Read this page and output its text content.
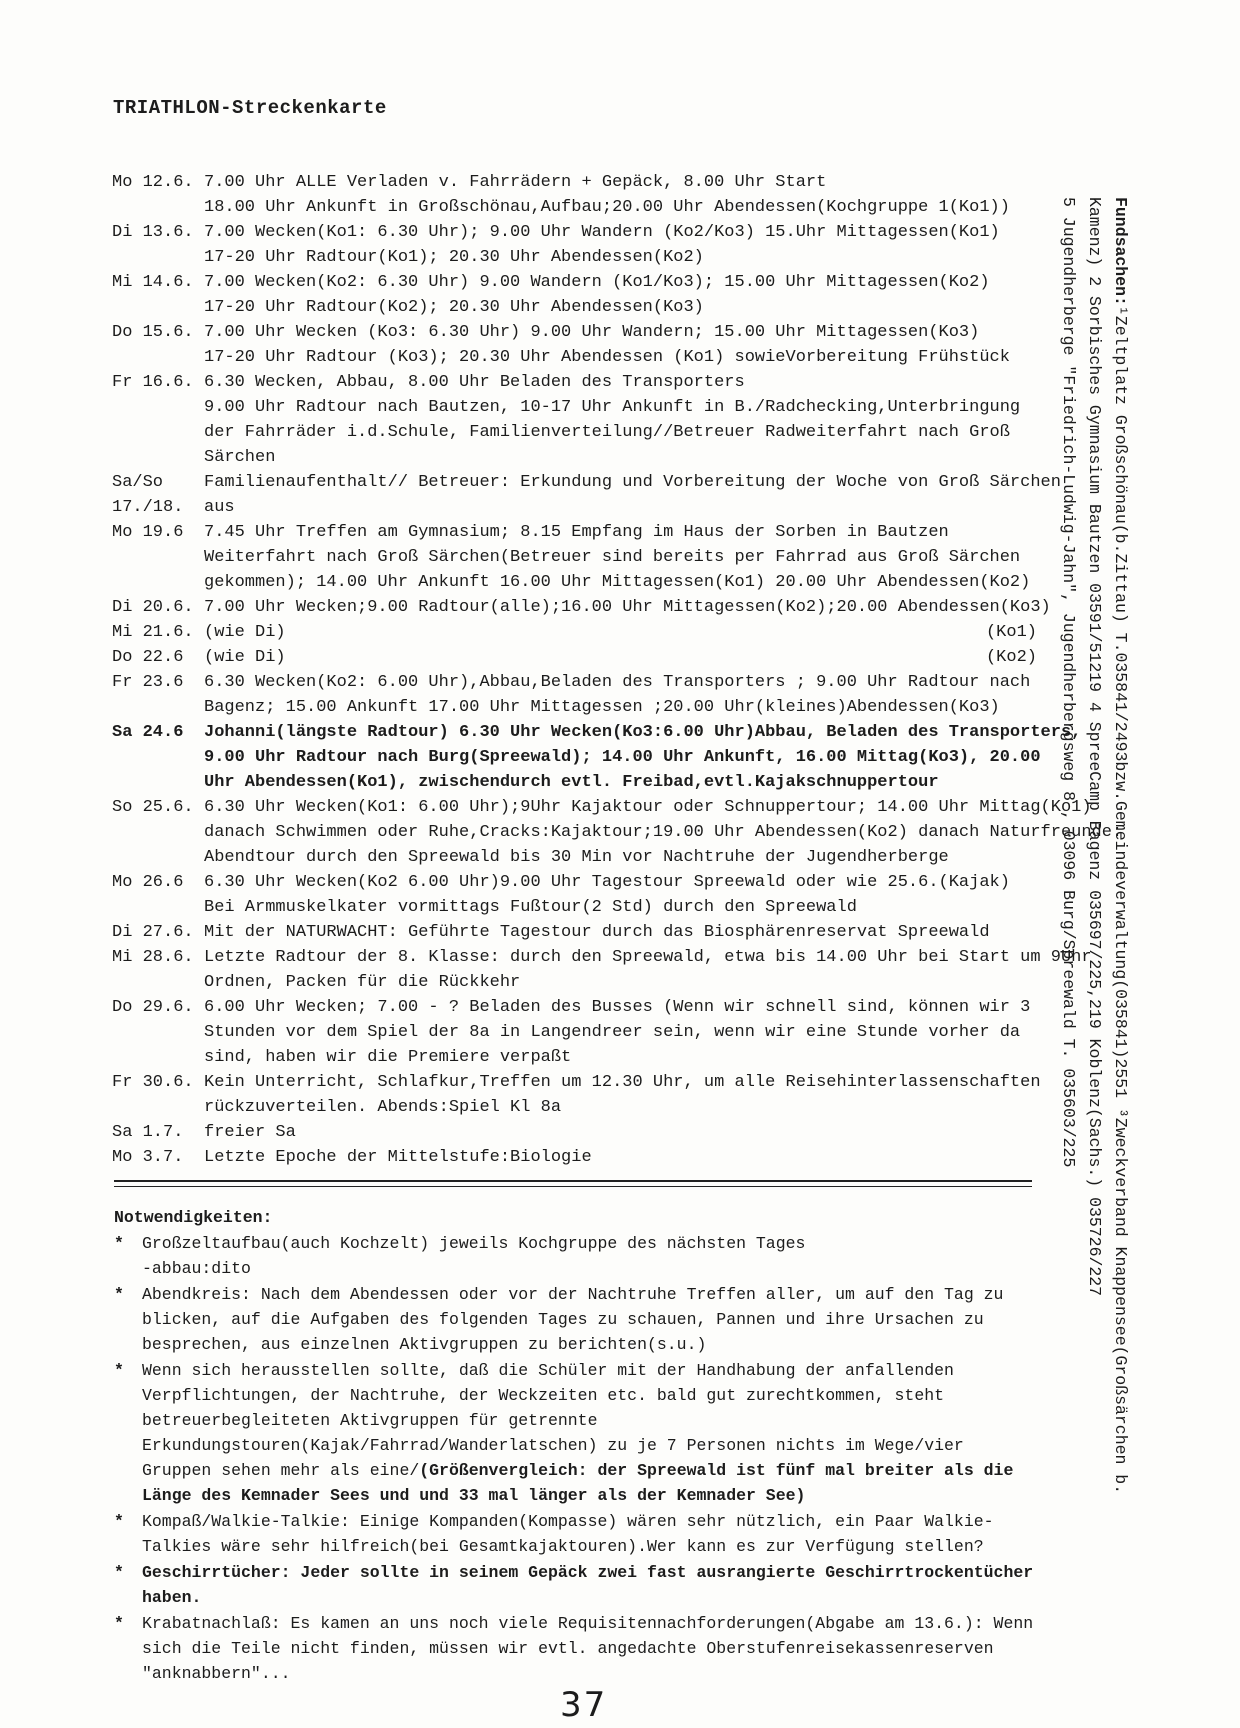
TRIATHLON-Streckenkarte
Mo 12.6. 7.00 Uhr ALLE Verladen v. Fahrrädern + Gepäck, 8.00 Uhr Start
18.00 Uhr Ankunft in Großschönau,Aufbau;20.00 Uhr Abendessen(Kochgruppe 1(Ko1))
Di 13.6. 7.00 Wecken(Ko1: 6.30 Uhr); 9.00 Uhr Wandern (Ko2/Ko3) 15.Uhr Mittagessen(Ko1)
17-20 Uhr Radtour(Ko1); 20.30 Uhr Abendessen(Ko2)
Mi 14.6. 7.00 Wecken(Ko2: 6.30 Uhr) 9.00 Wandern (Ko1/Ko3); 15.00 Uhr Mittagessen(Ko2)
17-20 Uhr Radtour(Ko2); 20.30 Uhr Abendessen(Ko3)
Do 15.6. 7.00 Uhr Wecken (Ko3: 6.30 Uhr) 9.00 Uhr Wandern; 15.00 Uhr Mittagessen(Ko3)
17-20 Uhr Radtour (Ko3); 20.30 Uhr Abendessen (Ko1) sowieVorbereitung Frühstück
Fr 16.6. 6.30 Wecken, Abbau, 8.00 Uhr Beladen des Transporters
9.00 Uhr Radtour nach Bautzen, 10-17 Uhr Ankunft in B./Radchecking,Unterbringung
der Fahrräder i.d.Schule, Familienverteilung//Betreuer Radweiterfahrt nach Groß
Särchen
Sa/So	Familienaufenthalt// Betreuer: Erkundung und Vorbereitung der Woche von Groß Särchen
17./18.	aus
Mo 19.6	7.45 Uhr Treffen am Gymnasium; 8.15 Empfang im Haus der Sorben in Bautzen
Weiterfahrt nach Groß Särchen(Betreuer sind bereits per Fahrrad aus Groß Särchen
gekommen); 14.00 Uhr Ankunft 16.00 Uhr Mittagessen(Ko1) 20.00 Uhr Abendessen(Ko2)
Di 20.6. 7.00 Uhr Wecken;9.00 Radtour(alle);16.00 Uhr Mittagessen(Ko2);20.00 Abendessen(Ko3)
Mi 21.6. (wie Di)	(Ko1)
Do 22.6	(wie Di)	(Ko2)
Fr 23.6	6.30 Wecken(Ko2: 6.00 Uhr),Abbau,Beladen des Transporters ; 9.00 Uhr Radtour nach
Bagenz; 15.00 Ankunft 17.00 Uhr Mittagessen ;20.00 Uhr(kleines)Abendessen(Ko3)
Sa 24.6	Johanni(längste Radtour) 6.30 Uhr Wecken(Ko3:6.00 Uhr)Abbau, Beladen des Transporters,
9.00 Uhr Radtour nach Burg(Spreewald); 14.00 Uhr Ankunft, 16.00 Mittag(Ko3), 20.00
Uhr Abendessen(Ko1), zwischendurch evtl. Freibad,evtl.Kajakschnuppertour
So 25.6. 6.30 Uhr Wecken(Ko1: 6.00 Uhr);9Uhr Kajaktour oder Schnuppertour; 14.00 Uhr Mittag(Ko1)
danach Schwimmen oder Ruhe,Cracks:Kajaktour;19.00 Uhr Abendessen(Ko2) danach Naturfreunde:
Abendtour durch den Spreewald bis 30 Min vor Nachtruhe der Jugendherberge
Mo 26.6	6.30 Uhr Wecken(Ko2 6.00 Uhr)9.00 Uhr Tagestour Spreewald oder wie 25.6.(Kajak)
Bei Armmuskelkater vormittags Fußtour(2 Std) durch den Spreewald
Di 27.6. Mit der NATURWACHT: Geführte Tagestour durch das Biosphärenreservat Spreewald
Mi 28.6. Letzte Radtour der 8. Klasse: durch den Spreewald, etwa bis 14.00 Uhr bei Start um 9Uhr
Ordnen, Packen für die Rückkehr
Do 29.6. 6.00 Uhr Wecken; 7.00 - ? Beladen des Busses (Wenn wir schnell sind, können wir 3
Stunden vor dem Spiel der 8a in Langendreer sein, wenn wir eine Stunde vorher da
sind, haben wir die Premiere verpaßt
Fr 30.6. Kein Unterricht, Schlafkur,Treffen um 12.30 Uhr, um alle Reisehinterlassenschaften
rückzuverteilen. Abends:Spiel Kl 8a
Sa 1.7.	freier Sa
Mo 3.7.	Letzte Epoche der Mittelstufe:Biologie
Notwendigkeiten:
*	Großzeltaufbau(auch Kochzelt) jeweils Kochgruppe des nächsten Tages
-abbau:dito
*	Abendkreis: Nach dem Abendessen oder vor der Nachtruhe Treffen aller, um auf den Tag zu blicken, auf die Aufgaben des folgenden Tages zu schauen, Pannen und ihre Ursachen zu besprechen, aus einzelnen Aktivgruppen zu berichten(s.u.)
*	Wenn sich herausstellen sollte, daß die Schüler mit der Handhabung der anfallenden Verpflichtungen, der Nachtruhe, der Weckzeiten etc. bald gut zurechtkommen, steht betreuerbegleiteten Aktivgruppen für getrennte Erkundungstouren(Kajak/Fahrrad/Wanderlatschen) zu je 7 Personen nichts im Wege/vier Gruppen sehen mehr als eine/(Größenvergleich: der Spreewald ist fünf mal breiter als die Länge des Kemnader Sees und und 33 mal länger als der Kemnader See)
*	Kompaß/Walkie-Talkie: Einige Kompanden(Kompasse) wären sehr nützlich, ein Paar Walkie-Talkies wäre sehr hilfreich(bei Gesamtkajaktouren).Wer kann es zur Verfügung stellen?
*	Geschirrtücher: Jeder sollte in seinem Gepäck zwei fast ausrangierte Geschirrtrockentücher haben.
*	Krabatnachlaß: Es kamen an uns noch viele Requisitennachforderungen(Abgabe am 13.6.): Wenn sich die Teile nicht finden, müssen wir evtl. angedachte Oberstufenreisekassenreserven "anknabbern"...
Fundsachen:¹Zeltplatz Großschönau(b.Zittau) T.035841/2493bzw.Gemeindeverwaltung(035841)2551 ³Zweckverband Knappensee(Großsärchen b.
Kamenz) 2 Sorbisches Gymnasium Bautzen 03591/51219 4 SpreeCamp Bagenz 035697/225,219 Koblenz(Sachs.) 035726/227
5 Jugendherberge "Friedrich-Ludwig-Jahn", Jugendherbergsweg 8 , 03096 Burg/Spreewald T. 035603/225
37
